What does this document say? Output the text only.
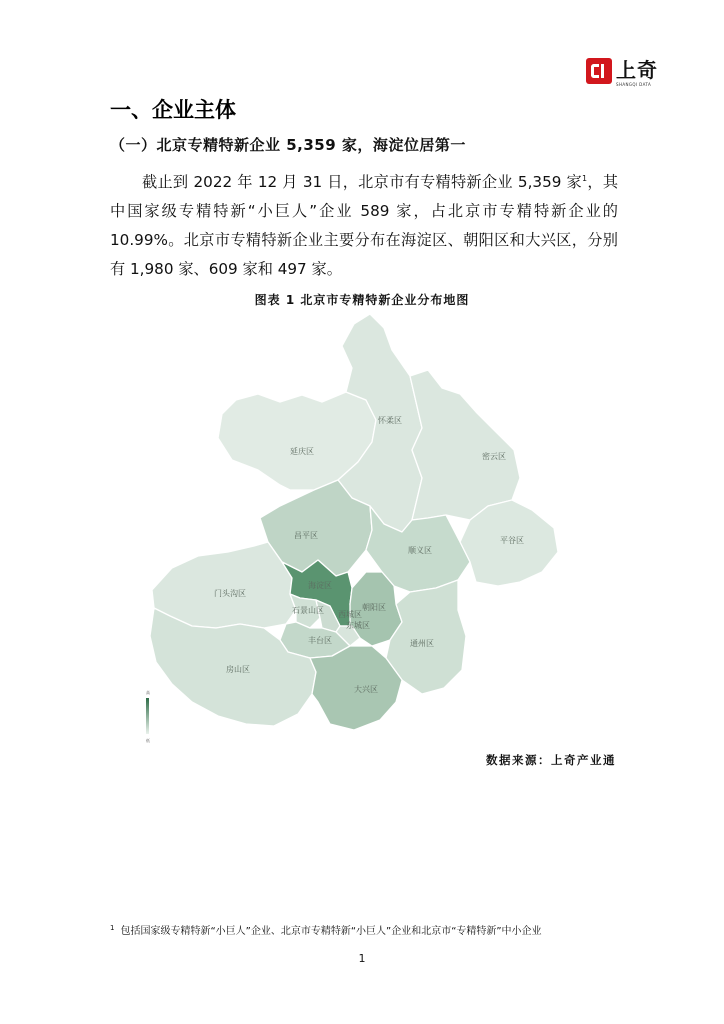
上奇
SHANGQI DATA
一、企业主体
（一）北京专精特新企业 5,359 家，海淀位居第一

截止到 2022 年 12 月 31 日，北京市有专精特新企业 5,359 家$^1$，其中国家级专精特新“小巨人”企业 589 家，占北京市专精特新企业的 10.99%。北京市专精特新企业主要分布在海淀区、朝阳区和大兴区，分别有 1,980 家、609 家和 497 家。

图表 1 北京市专精特新企业分布地图
怀柔区
延庆区
密云区
昌平区
平谷区
顺义区
海淀区
门头沟区
朝阳区
石景山区 西城区
东城区
丰台区	通州区
房山区
大兴区
高
低
数据来源：上奇产业通
$^1$ 包括国家级专精特新“小巨人”企业、北京市专精特新“小巨人”企业和北京市“专精特新”中小企业
1
